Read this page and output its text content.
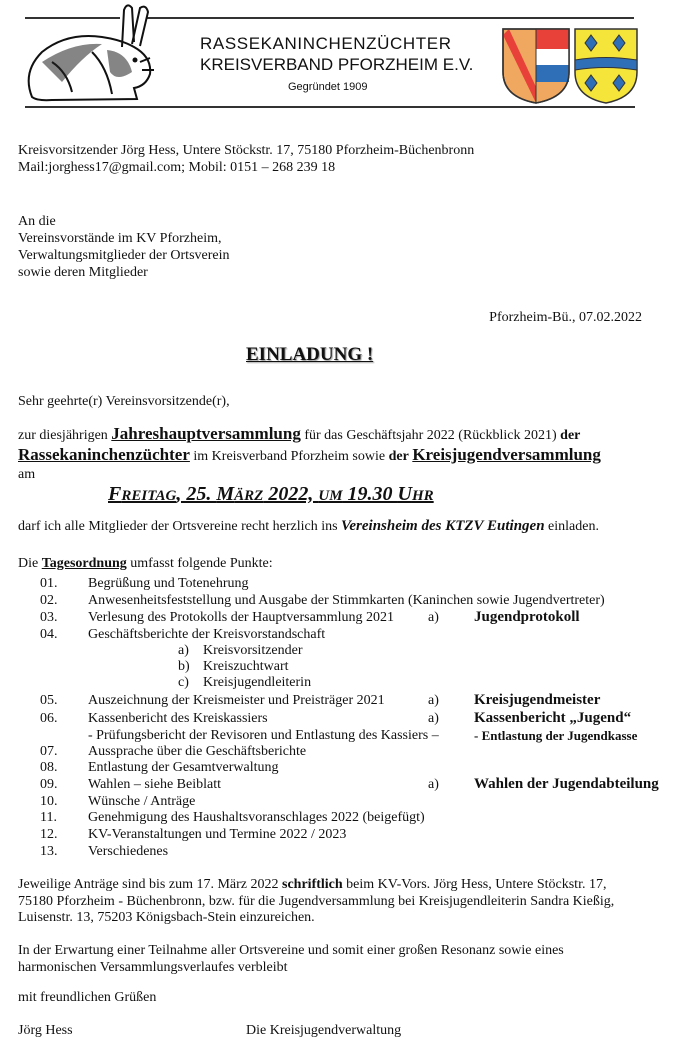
RASSEKANINCHENZÜCHTER
KREISVERBAND PFORZHEIM E.V.
Gegründet 1909
Kreisvorsitzender Jörg Hess, Untere Stöckstr. 17, 75180 Pforzheim-Büchenbronn
Mail:jorghess17@gmail.com; Mobil: 0151 – 268 239 18
An die
Vereinsvorstände im KV Pforzheim,
Verwaltungsmitglieder der Ortsverein
sowie deren Mitglieder
Pforzheim-Bü., 07.02.2022
EINLADUNG !
Sehr geehrte(r) Vereinsvorsitzende(r),
zur diesjährigen Jahreshauptversammlung für das Geschäftsjahr 2022 (Rückblick 2021) der
Rassekaninchenzüchter im Kreisverband Pforzheim sowie der Kreisjugendversammlung
am
FREITAG, 25. MÄRZ 2022, UM 19.30 UHR
darf ich alle Mitglieder der Ortsvereine recht herzlich ins Vereinsheim des KTZV Eutingen einladen.
Die Tagesordnung umfasst folgende Punkte:
01. Begrüßung und Totenehrung
02. Anwesenheitsfeststellung und Ausgabe der Stimmkarten (Kaninchen sowie Jugendvertreter)
03. Verlesung des Protokolls der Hauptversammlung 2021 a) Jugendprotokoll
04. Geschäftsberichte der Kreisvorstandschaft
a) Kreisvorsitzender
b) Kreiszuchtwart
c) Kreisjugendleiterin
05. Auszeichnung der Kreismeister und Preisträger 2021	a) Kreisjugendmeister
06. Kassenbericht des Kreiskassiers	a) Kassenbericht „Jugend“
- Prüfungsbericht der Revisoren und Entlastung des Kassiers –	- Entlastung der Jugendkasse
07. Aussprache über die Geschäftsberichte
08. Entlastung der Gesamtverwaltung
09. Wahlen – siehe Beiblatt	a) Wahlen der Jugendabteilung
10. Wünsche / Anträge
11. Genehmigung des Haushaltsvoranschlages 2022 (beigefügt)
12. KV-Veranstaltungen und Termine 2022 / 2023
13. Verschiedenes
Jeweilige Anträge sind bis zum 17. März 2022 schriftlich beim KV-Vors. Jörg Hess, Untere Stöckstr. 17,
75180 Pforzheim - Büchenbronn, bzw. für die Jugendversammlung bei Kreisjugendleiterin Sandra Kießig,
Luisenstr. 13, 75203 Königsbach-Stein einzureichen.
In der Erwartung einer Teilnahme aller Ortsvereine und somit einer großen Resonanz sowie eines
harmonischen Versammlungsverlaufes verbleibt
mit freundlichen Grüßen
Jörg Hess	Die Kreisjugendverwaltung
